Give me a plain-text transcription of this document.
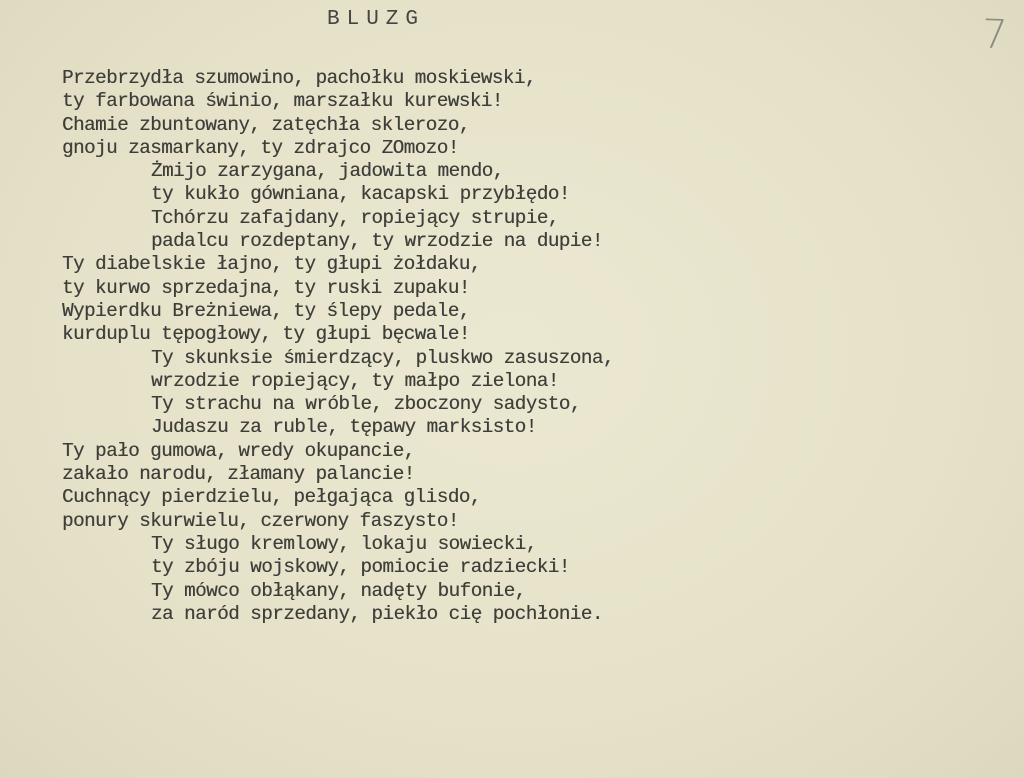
BLUZG	7
Przebrzydła szumowino, pachołku moskiewski,
ty farbowana świnio, marszałku kurewski!
Chamie zbuntowany, zatęchła sklerozo,
gnoju zasmarkany, ty zdrajco ZOmozo!
Żmijo zarzygana, jadowita mendo,
ty kukło gówniana, kacapski przybłędo!
Tchórzu zafajdany, ropiejący strupie,
padalcu rozdeptany, ty wrzodzie na dupie!
Ty diabelskie łajno, ty głupi żołdaku,
ty kurwo sprzedajna, ty ruski zupaku!
Wypierdku Breżniewa, ty ślepy pedale,
kurduplu tępogłowy, ty głupi bęcwale!
Ty skunksie śmierdzący, pluskwo zasuszona,
wrzodzie ropiejący, ty małpo zielona!
Ty strachu na wróble, zboczony sadysto,
Judaszu za ruble, tępawy marksisto!
Ty pało gumowa, wredy okupancie,
zakało narodu, złamany palancie!
Cuchnący pierdzielu, pełgająca glisdo,
ponury skurwielu, czerwony faszysto!
Ty sługo kremlowy, lokaju sowiecki,
ty zbóju wojskowy, pomiocie radziecki!
Ty mówco obłąkany, nadęty bufonie,
za naród sprzedany, piekło cię pochłonie.
